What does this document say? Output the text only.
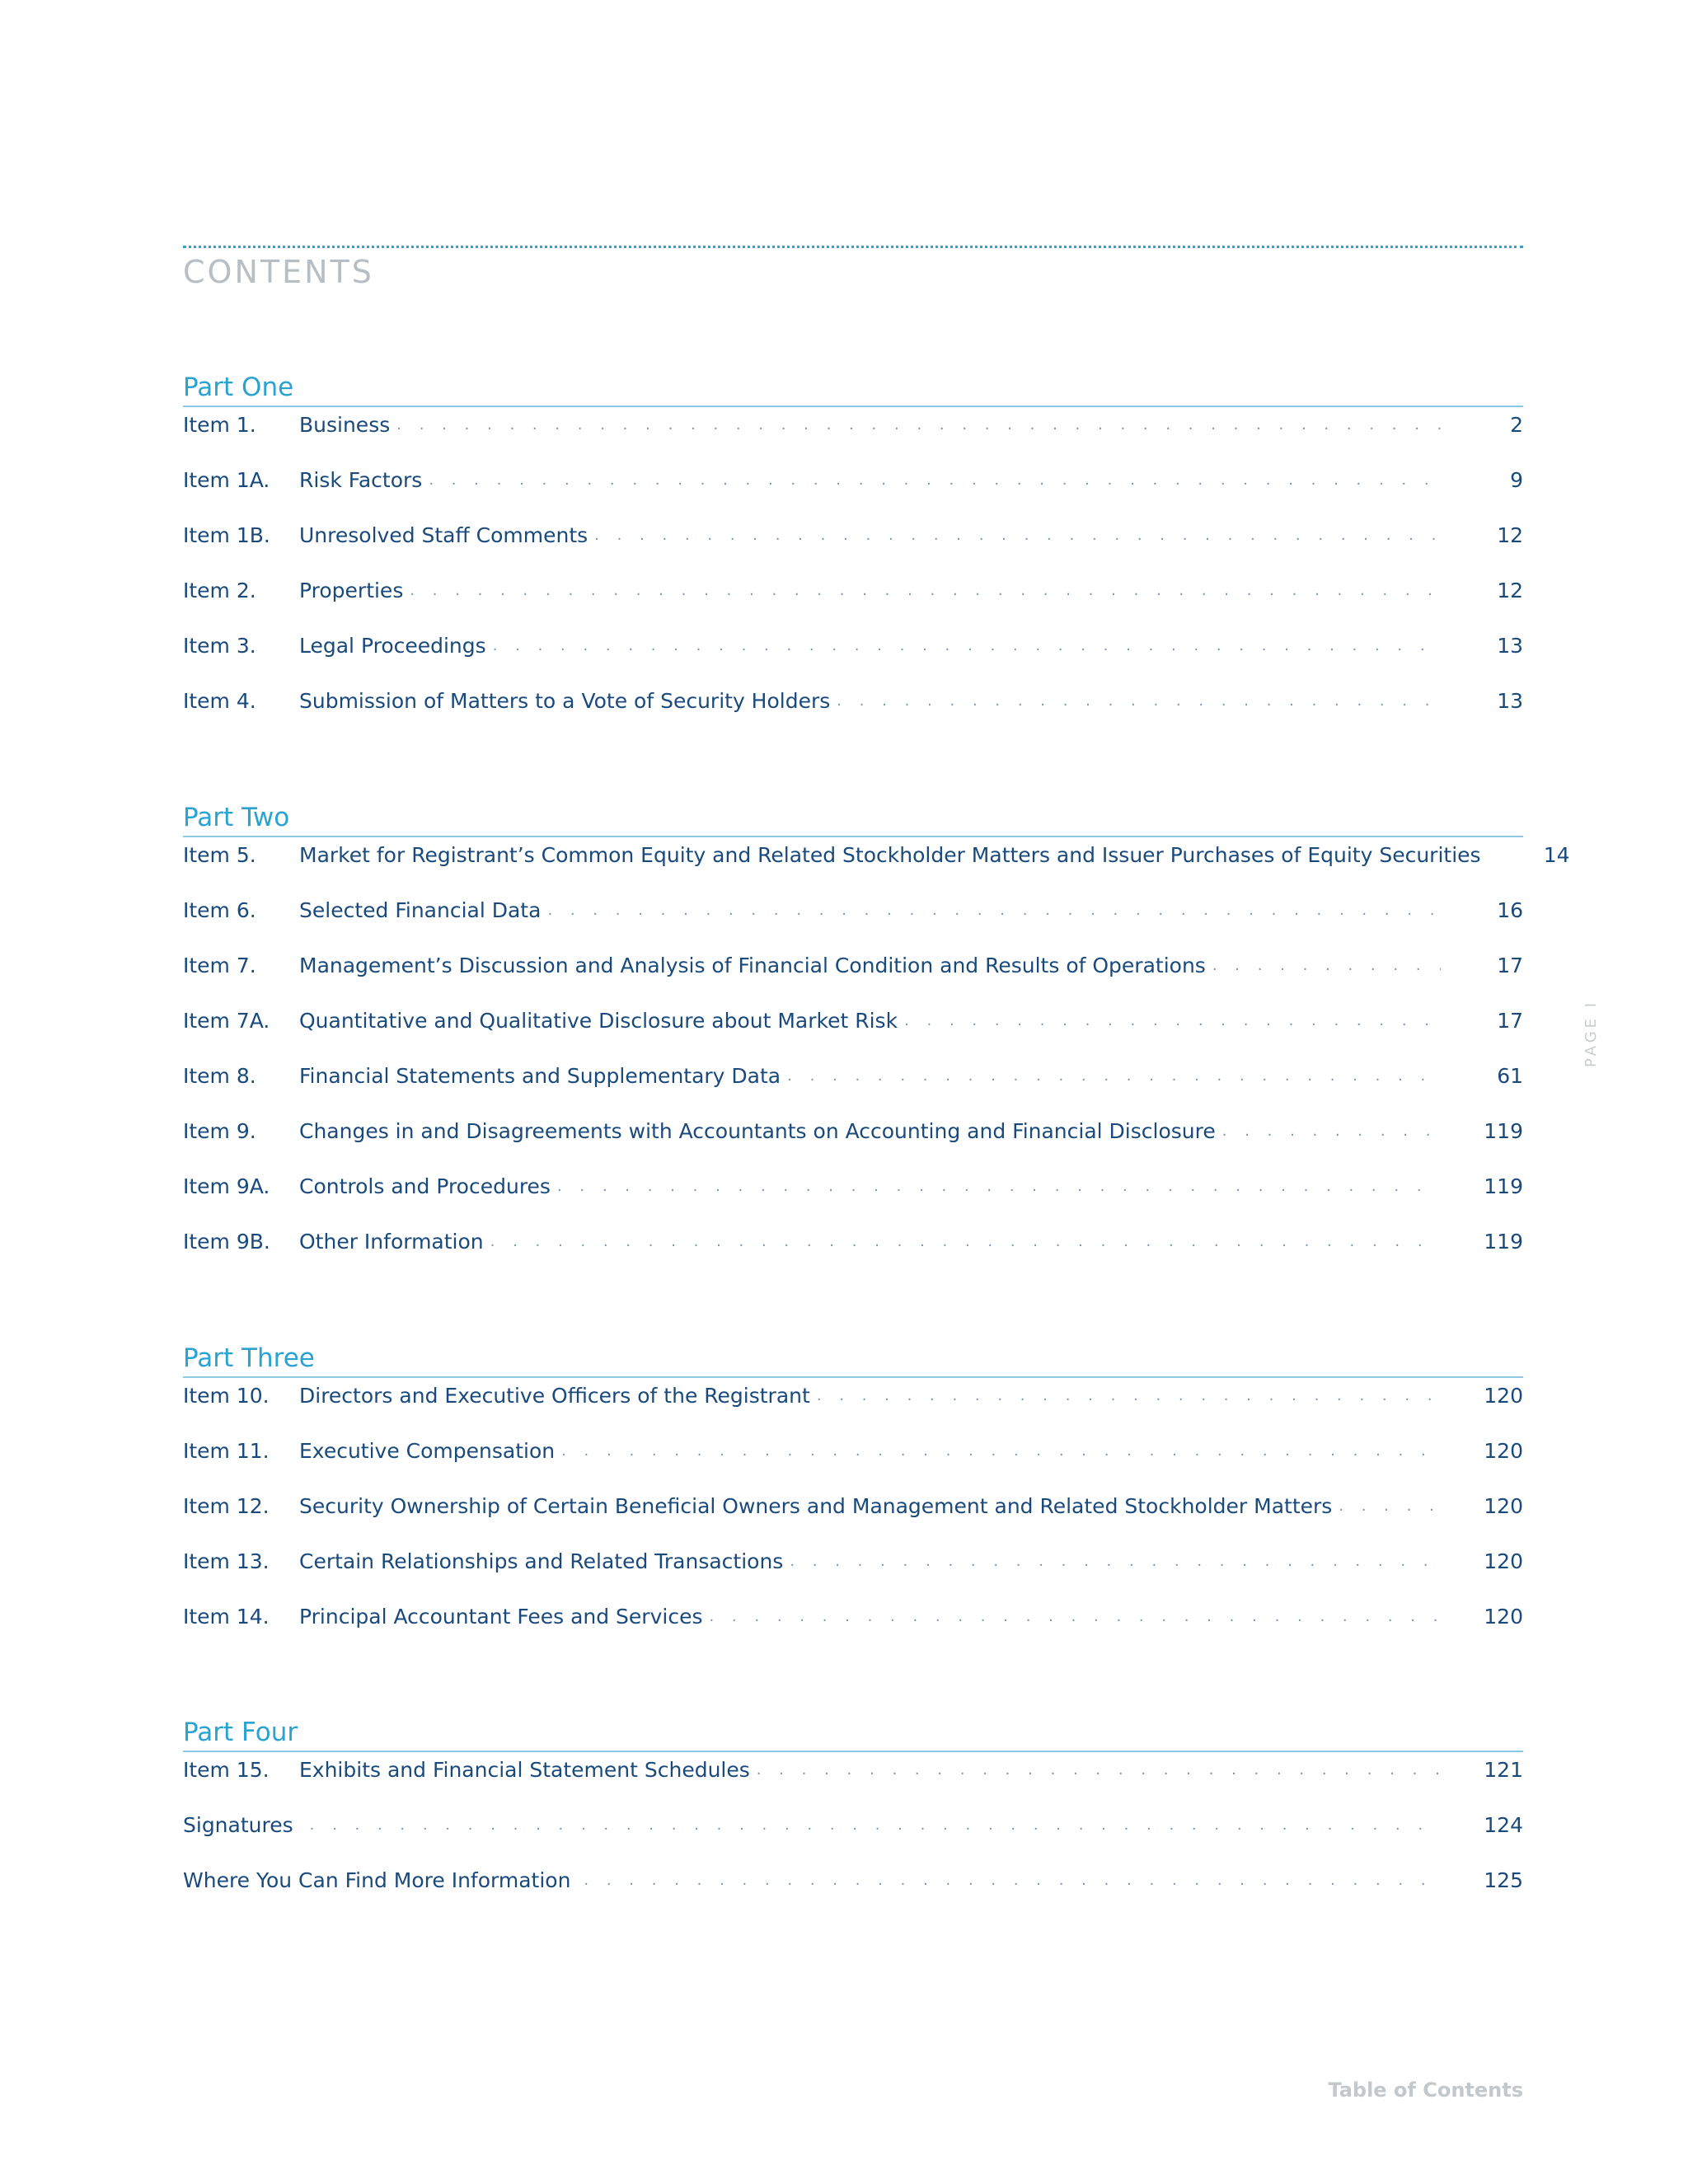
CONTENTS
Part One
Item 1.	Business . . .	2
Item 1A.	Risk Factors . . .	9
Item 1B.	Unresolved Staff Comments . . .	12
Item 2.	Properties . . .	12
Item 3.	Legal Proceedings . . .	13
Item 4.	Submission of Matters to a Vote of Security Holders . . .	13
Part Two
Item 5.	Market for Registrant’s Common Equity and Related Stockholder Matters and Issuer Purchases of Equity Securities	14
Item 6.	Selected Financial Data . . .	16
Item 7.	Management’s Discussion and Analysis of Financial Condition and Results of Operations . . .	17
Item 7A.	Quantitative and Qualitative Disclosure about Market Risk . . .	17
Item 8.	Financial Statements and Supplementary Data . . .	61
Item 9.	Changes in and Disagreements with Accountants on Accounting and Financial Disclosure . . .	119
Item 9A.	Controls and Procedures . . .	119
Item 9B.	Other Information . . .	119
Part Three
Item 10.	Directors and Executive Officers of the Registrant . . .	120
Item 11.	Executive Compensation . . .	120
Item 12.	Security Ownership of Certain Beneficial Owners and Management and Related Stockholder Matters . . .	120
Item 13.	Certain Relationships and Related Transactions . . .	120
Item 14.	Principal Accountant Fees and Services . . .	120
Part Four
Item 15.	Exhibits and Financial Statement Schedules . . .	121
Signatures . . .	124
Where You Can Find More Information . . .	125
PAGE I
Table of Contents
